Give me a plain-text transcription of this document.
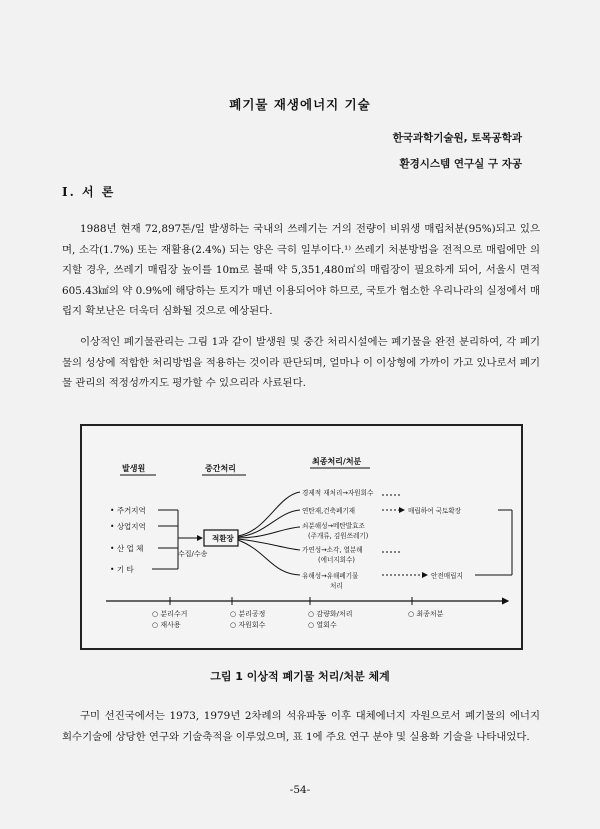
폐기물 재생에너지 기술
한국과학기술원, 토목공학과
환경시스템 연구실 구 자공
I. 서 론
1988년 현재 72,897톤/일 발생하는 국내의 쓰레기는 거의 전량이 비위생 매립처분(95%)되고 있으며, 소각(1.7%) 또는 재활용(2.4%) 되는 양은 극히 일부이다.¹⁾ 쓰레기 처분방법을 전적으로 매립에만 의지할 경우, 쓰레기 매립장 높이를 10m로 볼때 약 5,351,480㎡의 매립장이 필요하게 되어, 서울시 면적 605.43㎢의 약 0.9%에 해당하는 토지가 매년 이용되어야 하므로, 국토가 협소한 우리나라의 실정에서 매립지 확보난은 더욱더 심화될 것으로 예상된다.
이상적인 폐기물관리는 그림 1과 같이 발생원 및 중간 처리시설에는 폐기물을 완전 분리하여, 각 폐기물의 성상에 적합한 처리방법을 적용하는 것이라 판단되며, 얼마나 이 이상형에 가까이 가고 있나로서 폐기물 관리의 적정성까지도 평가할 수 있으리라 사료된다.
발생원	중간처리
최종처리/처분
• 주거지역
• 상업지역
• 산 업 체
• 기 타
수집/수송
적환장
경제적 재처리→자원회수
연탄재,건축폐기재
쇠분해성→메탄발효조
(주개류, 김원쓰레기)
가연성→소각, 열분해
(에너지회수)
유해성→유해폐기물
처리
매립하여 국토확장
안전매립지
○ 분리수거
○ 재사용
○ 분리공정
○ 자원회수
○ 감량화/처리
○ 열회수
○ 최종처분
그림 1 이상적 폐기물 처리/처분 체계
구미 선진국에서는 1973, 1979년 2차례의 석유파동 이후 대체에너지 자원으로서 폐기물의 에너지 회수기술에 상당한 연구와 기술축적을 이루었으며, 표 1에 주요 연구 분야 및 실용화 기술을 나타내었다.
-54-
